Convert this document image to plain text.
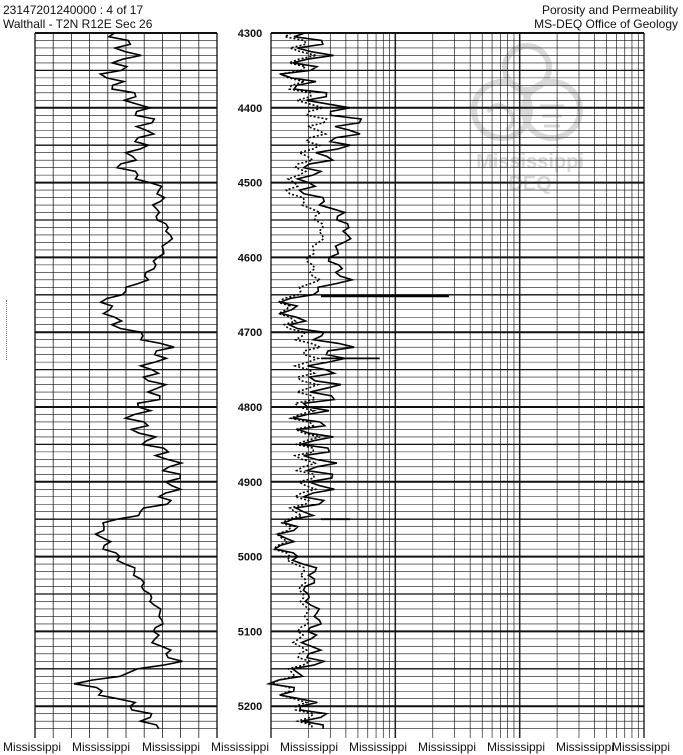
4300
4400
4500
4600
4700
4800
4900
5000
5100
5200
23147201240000 : 4 of 17
Walthall - T2N R12E Sec 26
Porosity and Permeability
MS-DEQ Office of Geology
Mississippi
DEQ
Mississippi Mississippi Mississippi Mississippi Mississippi Mississippi Mississippi Mississippi Mississippi
Mississippi
